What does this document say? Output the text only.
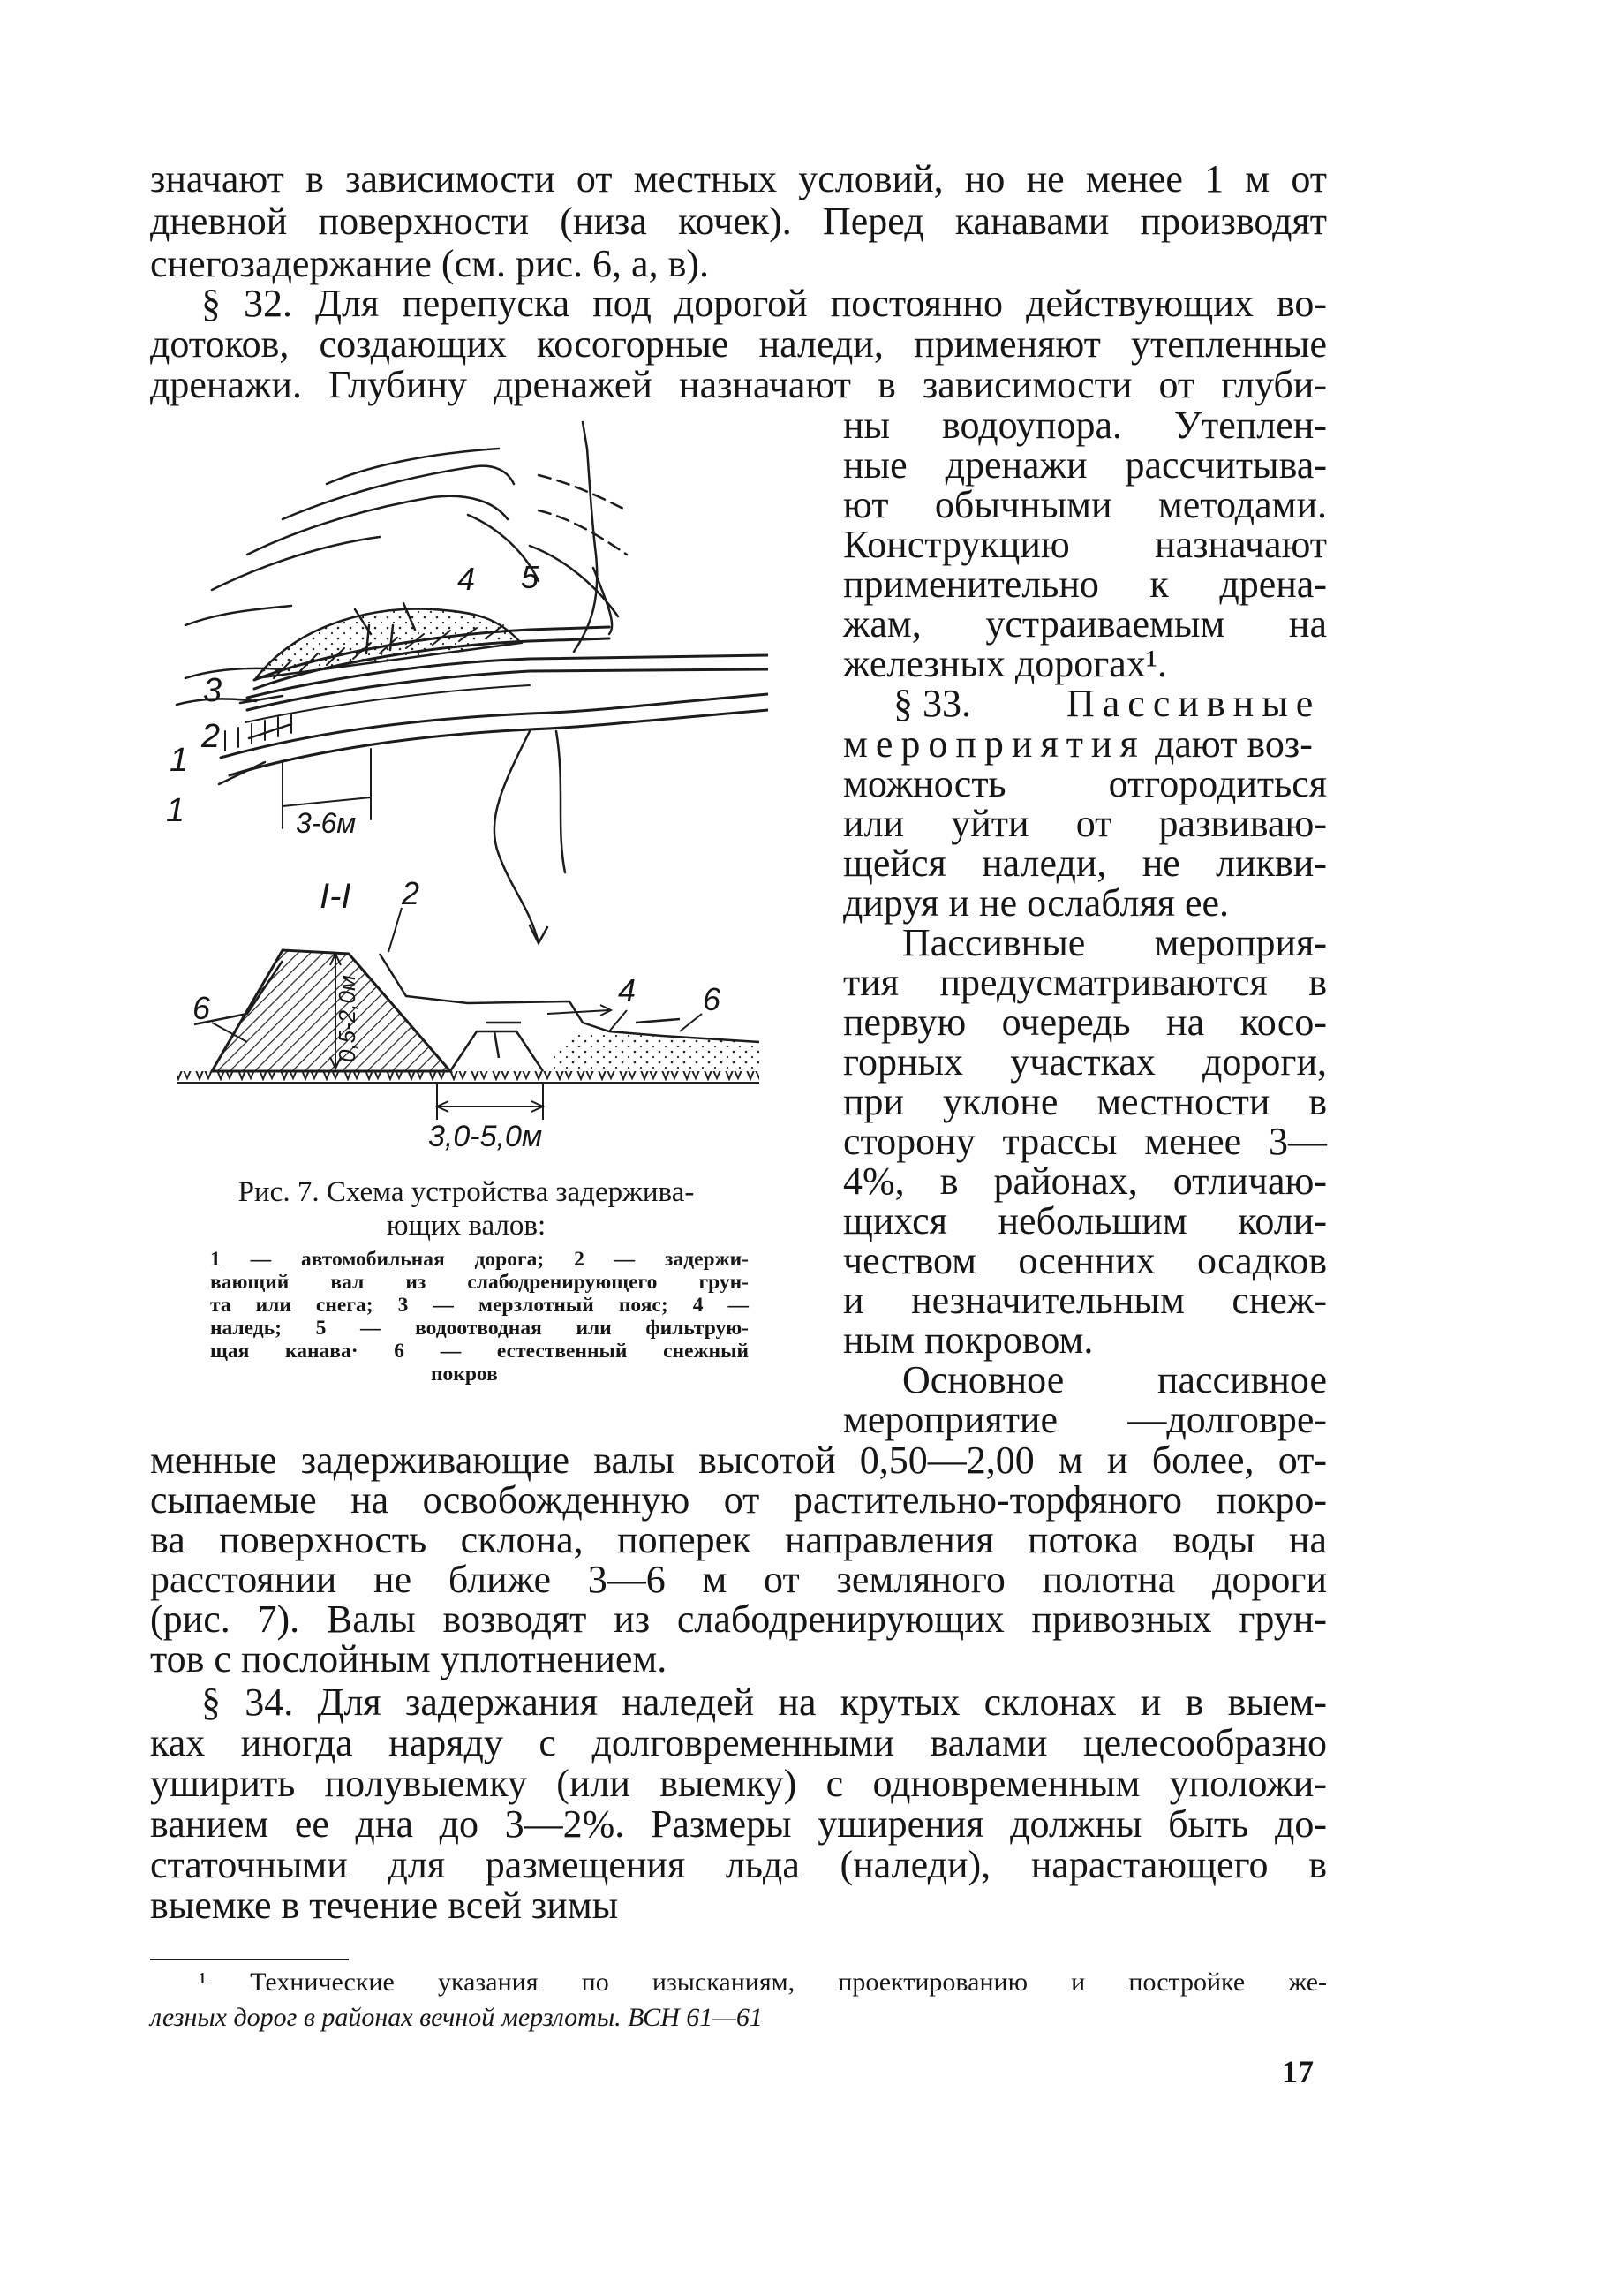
значают в зависимости от местных условий, но не менее 1 м от
дневной поверхности (низа кочек). Перед канавами производят
снегозадержание (см. рис. 6, а, в).
§ 32. Для перепуска под дорогой постоянно действующих во-
дотоков, создающих косогорные наледи, применяют утепленные
дренажи. Глубину дренажей назначают в зависимости от глуби-
ны водоупора. Утеплен-
ные дренажи рассчитыва-
ют обычными методами.
Конструкцию назначают
применительно к дрена-
жам, устраиваемым на
железных дорогах¹.
§ 33. Пассивные
мероприятия дают воз-
можность отгородиться
или уйти от развиваю-
щейся наледи, не ликви-
дируя и не ослабляя ее.
Пассивные мероприя-
тия предусматриваются в
первую очередь на косо-
горных участках дороги,
при уклоне местности в
сторону трассы менее 3—
4%, в районах, отличаю-
щихся небольшим коли-
чеством осенних осадков
и незначительным снеж-
ным покровом.
Основное пассивное
мероприятие —долговре-
менные задерживающие валы высотой 0,50—2,00 м и более, от-
сыпаемые на освобожденную от растительно-торфяного покро-
ва поверхность склона, поперек направления потока воды на
расстоянии не ближе 3—6 м от земляного полотна дороги
(рис. 7). Валы возводят из слабодренирующих привозных грун-
тов с послойным уплотнением.
§ 34. Для задержания наледей на крутых склонах и в выем-
ках иногда наряду с долговременными валами целесообразно
уширить полувыемку (или выемку) с одновременным уположи-
ванием ее дна до 3—2%. Размеры уширения должны быть до-
статочными для размещения льда (наледи), нарастающего в
выемке в течение всей зимы
3
2
1
1
4 5
3-6м
I-I
6
2
4 6
0,5-2,0м
3,0-5,0м
Рис. 7. Схема устройства задержива-
ющих валов:
1 — автомобильная дорога; 2 — задержи-
вающий вал из слабодренирующего грун-
та или снега; 3 — мерзлотный пояс; 4 —
наледь; 5 — водоотводная или фильтрую-
щая канава· 6 — естественный снежный
покров
¹ Технические указания по изысканиям, проектированию и постройке же-
лезных дорог в районах вечной мерзлоты. ВСН 61—61
17
